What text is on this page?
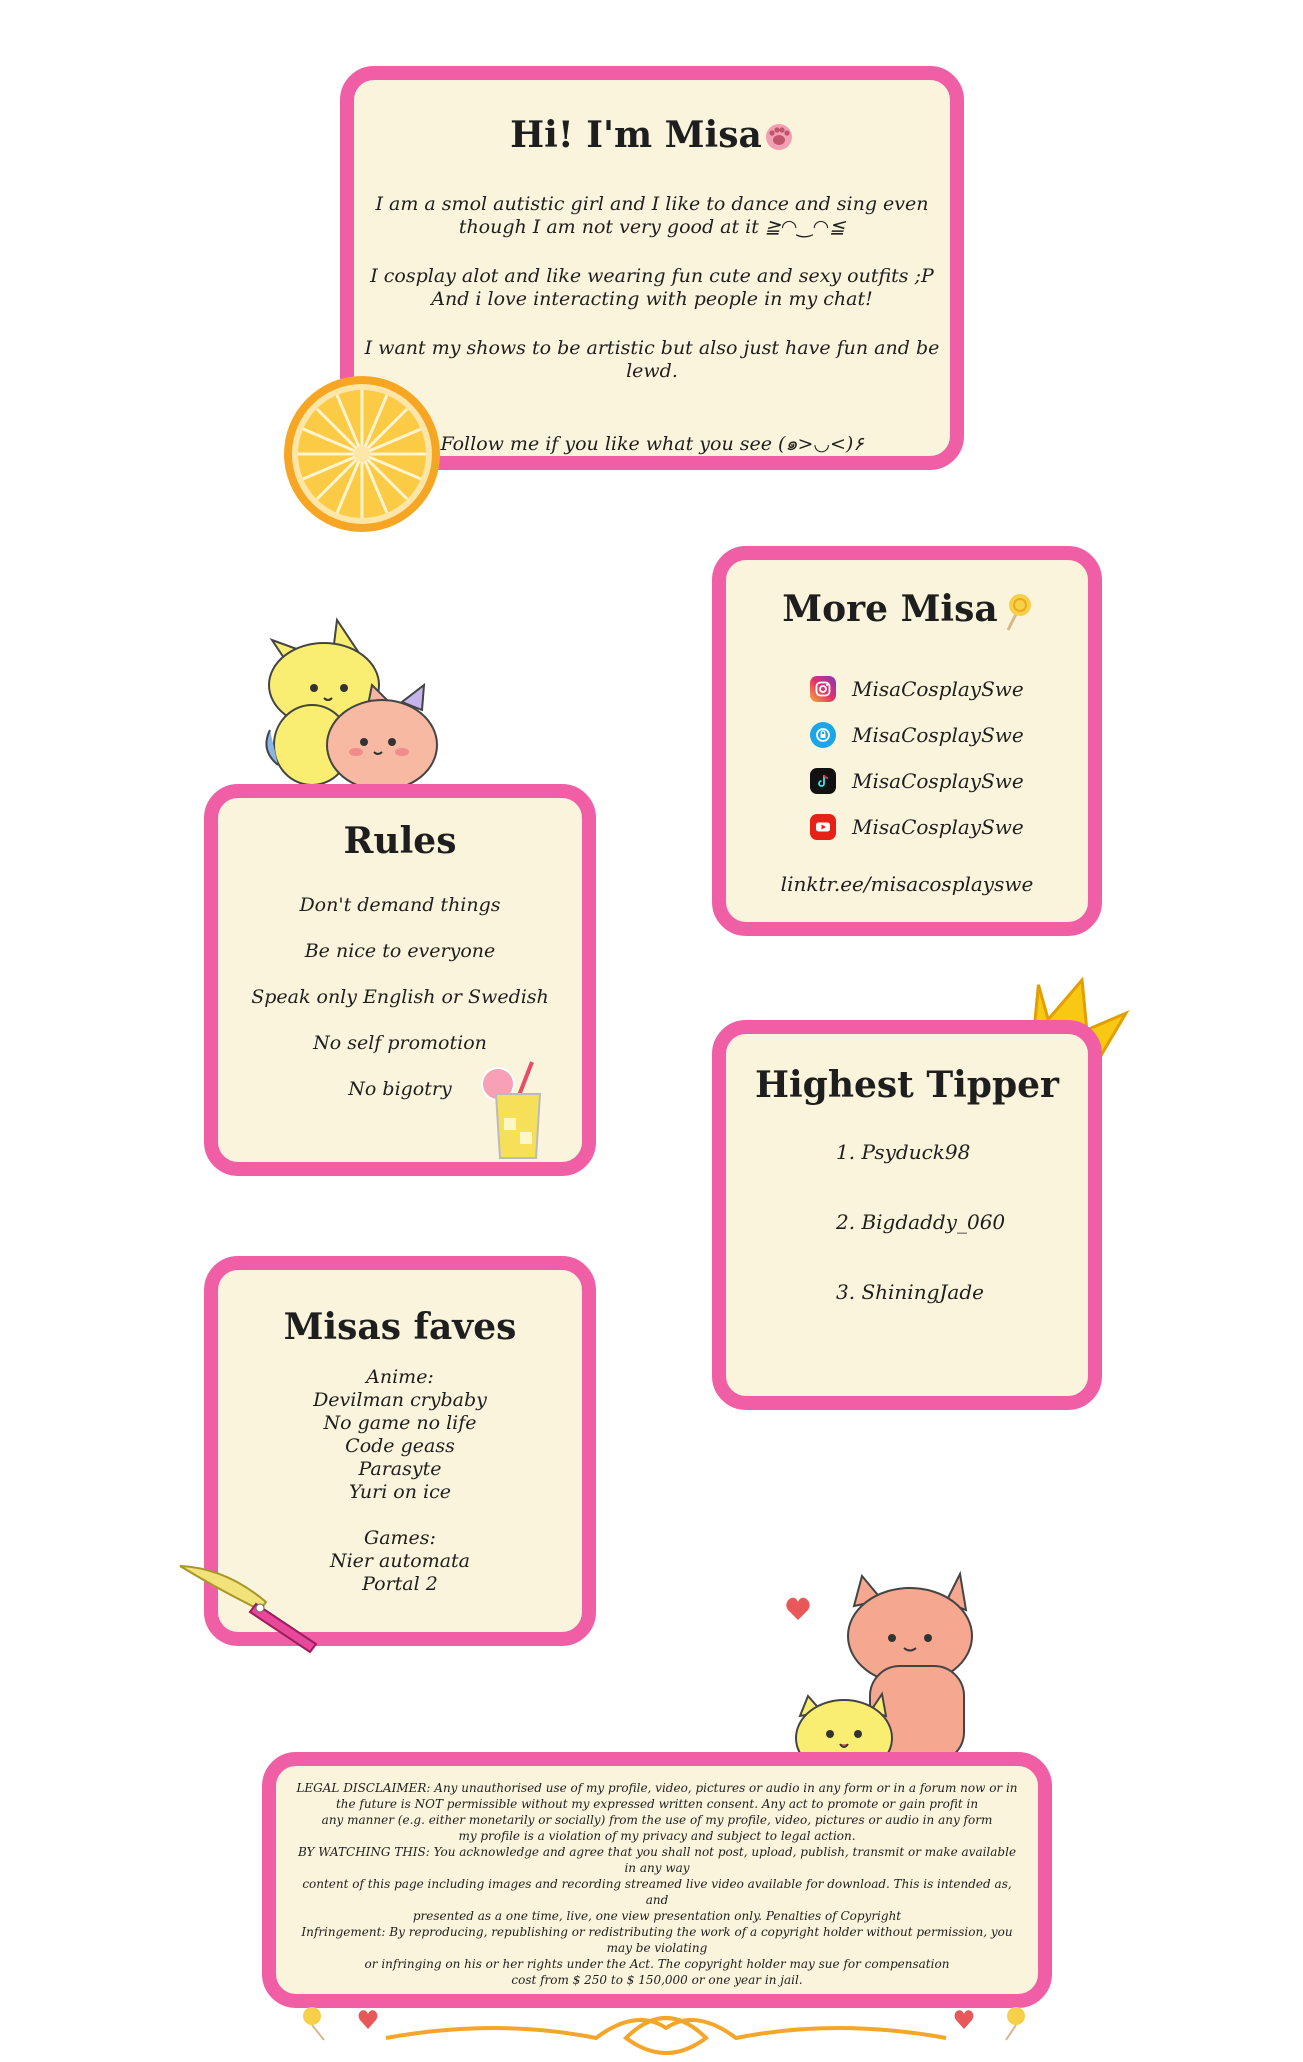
Hi! I'm Misa

I am a smol autistic girl and I like to dance and sing even
though I am not very good at it ≧◠‿◠≦

I cosplay alot and like wearing fun cute and sexy outfits ;P
And i love interacting with people in my chat!

I want my shows to be artistic but also just have fun and be lewd.

Follow me if you like what you see (๑>◡<)۶

More Misa
MisaCosplaySwe
MisaCosplaySwe
MisaCosplaySwe
MisaCosplaySwe
linktr.ee/misacosplayswe
Rules
Don't demand things
Be nice to everyone
Speak only English or Swedish
No self promotion
No bigotry	Highest Tipper
1. Psyduck98
2. Bigdaddy_060
3. ShiningJade
Misas faves
Anime:
Devilman crybaby
No game no life
Code geass
Parasyte
Yuri on ice
Games:
Nier automata
Portal 2
LEGAL DISCLAIMER: Any unauthorised use of my profile, video, pictures or audio in any form or in a forum now or in
the future is NOT permissible without my expressed written consent. Any act to promote or gain profit in
any manner (e.g. either monetarily or socially) from the use of my profile, video, pictures or audio in any form
my profile is a violation of my privacy and subject to legal action.
BY WATCHING THIS: You acknowledge and agree that you shall not post, upload, publish, transmit or make available in any way
content of this page including images and recording streamed live video available for download. This is intended as, and
presented as a one time, live, one view presentation only. Penalties of Copyright
Infringement: By reproducing, republishing or redistributing the work of a copyright holder without permission, you may be violating
or infringing on his or her rights under the Act. The copyright holder may sue for compensation
cost from $ 250 to $ 150,000 or one year in jail.
